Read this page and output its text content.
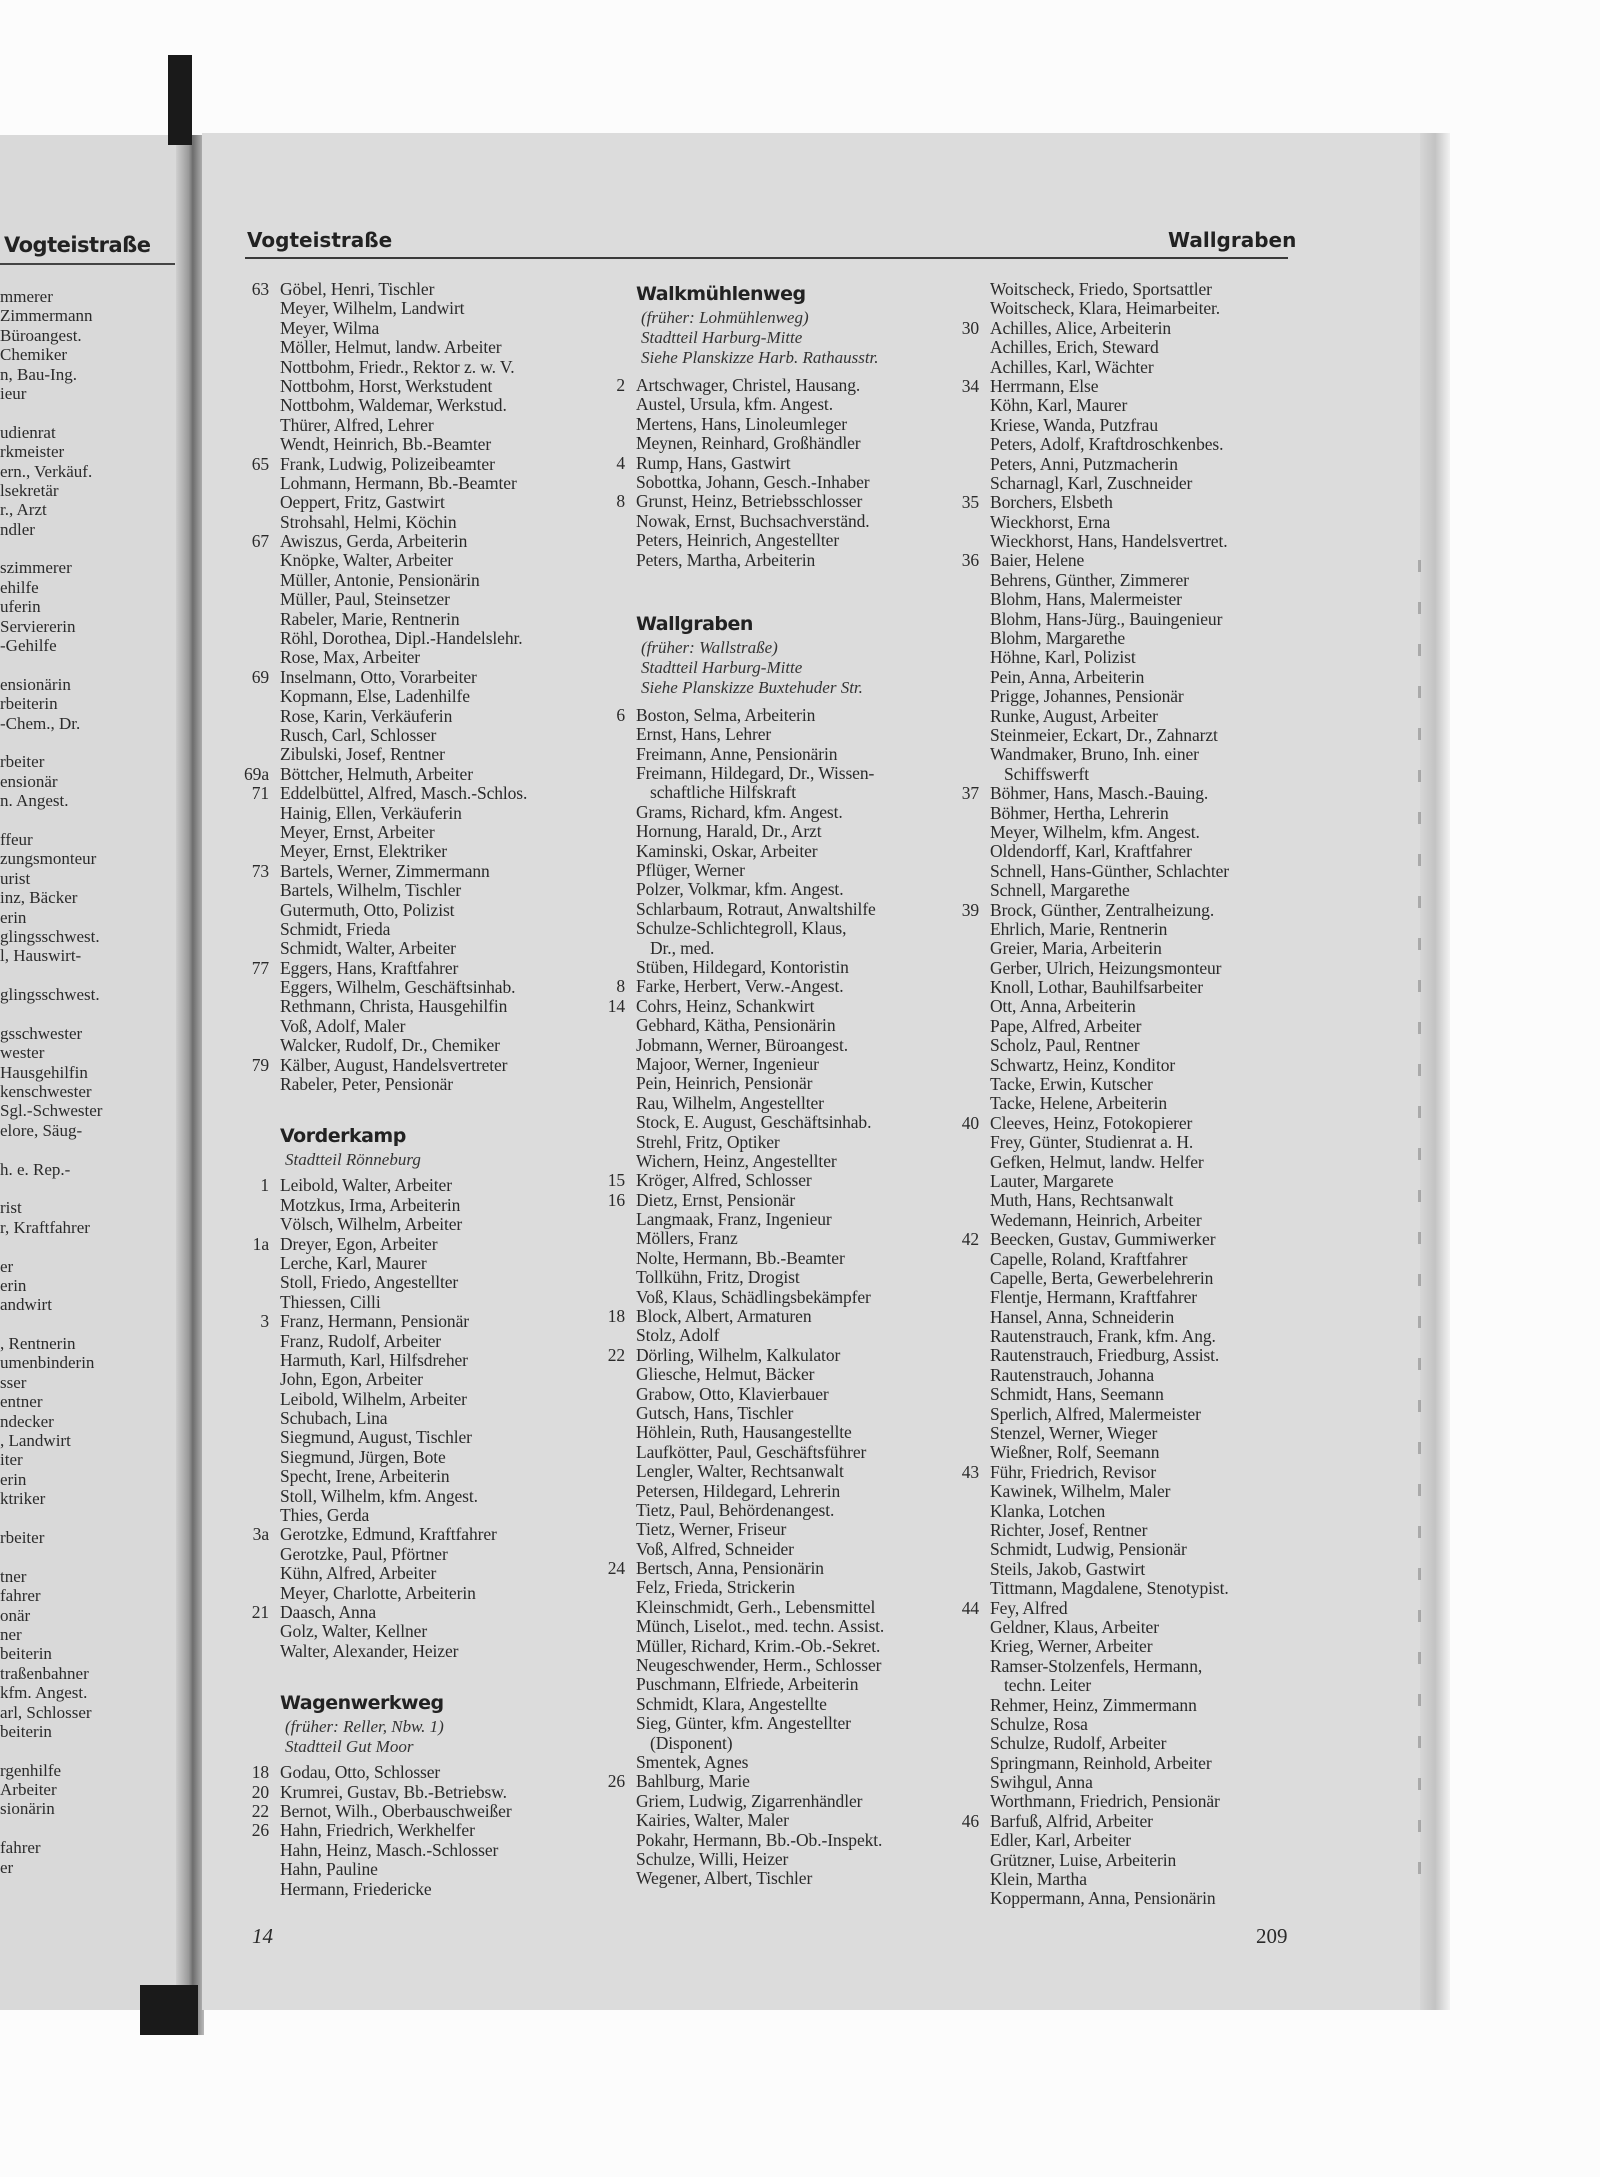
Vogteistraße
mmerer
Zimmermann
Büroangest.
Chemiker
n, Bau-Ing.
ieur
udienrat
rkmeister
ern., Verkäuf.
lsekretär
r., Arzt
ndler
szimmerer
ehilfe
uferin
Serviererin
-Gehilfe
ensionärin
rbeiterin
-Chem., Dr.
rbeiter
ensionär
n. Angest.
ffeur
zungsmonteur
urist
inz, Bäcker
erin
glingsschwest.
l, Hauswirt-
glingsschwest.
gsschwester
wester
Hausgehilfin
kenschwester
Sgl.-Schwester
elore, Säug-
h. e. Rep.-
rist
r, Kraftfahrer
er
erin
andwirt
, Rentnerin
umenbinderin
sser
entner
ndecker
, Landwirt
iter
erin
ktriker
rbeiter
tner
fahrer
onär
ner
beiterin
traßenbahner
kfm. Angest.
arl, Schlosser
beiterin
rgenhilfe
Arbeiter
sionärin
fahrer
er
Vogteistraße	Wallgraben
63 Göbel, Henri, Tischler
Meyer, Wilhelm, Landwirt
Meyer, Wilma
Möller, Helmut, landw. Arbeiter
Nottbohm, Friedr., Rektor z. w. V.
Nottbohm, Horst, Werkstudent
Nottbohm, Waldemar, Werkstud.
Thürer, Alfred, Lehrer
Wendt, Heinrich, Bb.-Beamter
65 Frank, Ludwig, Polizeibeamter
Lohmann, Hermann, Bb.-Beamter
Oeppert, Fritz, Gastwirt
Strohsahl, Helmi, Köchin
67 Awiszus, Gerda, Arbeiterin
Knöpke, Walter, Arbeiter
Müller, Antonie, Pensionärin
Müller, Paul, Steinsetzer
Rabeler, Marie, Rentnerin
Röhl, Dorothea, Dipl.-Handelslehr.
Rose, Max, Arbeiter
69 Inselmann, Otto, Vorarbeiter
Kopmann, Else, Ladenhilfe
Rose, Karin, Verkäuferin
Rusch, Carl, Schlosser
Zibulski, Josef, Rentner
69a Böttcher, Helmuth, Arbeiter
71 Eddelbüttel, Alfred, Masch.-Schlos.
Hainig, Ellen, Verkäuferin
Meyer, Ernst, Arbeiter
Meyer, Ernst, Elektriker
73 Bartels, Werner, Zimmermann
Bartels, Wilhelm, Tischler
Gutermuth, Otto, Polizist
Schmidt, Frieda
Schmidt, Walter, Arbeiter
77 Eggers, Hans, Kraftfahrer
Eggers, Wilhelm, Geschäftsinhab.
Rethmann, Christa, Hausgehilfin
Voß, Adolf, Maler
Walcker, Rudolf, Dr., Chemiker
79 Kälber, August, Handelsvertreter
Rabeler, Peter, Pensionär
Vorderkamp
Stadtteil Rönneburg
1 Leibold, Walter, Arbeiter
Motzkus, Irma, Arbeiterin
Völsch, Wilhelm, Arbeiter
1a Dreyer, Egon, Arbeiter
Lerche, Karl, Maurer
Stoll, Friedo, Angestellter
Thiessen, Cilli
3 Franz, Hermann, Pensionär
Franz, Rudolf, Arbeiter
Harmuth, Karl, Hilfsdreher
John, Egon, Arbeiter
Leibold, Wilhelm, Arbeiter
Schubach, Lina
Siegmund, August, Tischler
Siegmund, Jürgen, Bote
Specht, Irene, Arbeiterin
Stoll, Wilhelm, kfm. Angest.
Thies, Gerda
3a Gerotzke, Edmund, Kraftfahrer
Gerotzke, Paul, Pförtner
Kühn, Alfred, Arbeiter
Meyer, Charlotte, Arbeiterin
21 Daasch, Anna
Golz, Walter, Kellner
Walter, Alexander, Heizer
Wagenwerkweg
(früher: Reller, Nbw. 1)
Stadtteil Gut Moor
18 Godau, Otto, Schlosser
20 Krumrei, Gustav, Bb.-Betriebsw.
22 Bernot, Wilh., Oberbauschweißer
26 Hahn, Friedrich, Werkhelfer
Hahn, Heinz, Masch.-Schlosser
Hahn, Pauline
Hermann, Friedericke
Walkmühlenweg
(früher: Lohmühlenweg)
Stadtteil Harburg-Mitte
Siehe Planskizze Harb. Rathausstr.
2 Artschwager, Christel, Hausang.
Austel, Ursula, kfm. Angest.
Mertens, Hans, Linoleumleger
Meynen, Reinhard, Großhändler
4 Rump, Hans, Gastwirt
Sobottka, Johann, Gesch.-Inhaber
8 Grunst, Heinz, Betriebsschlosser
Nowak, Ernst, Buchsachverständ.
Peters, Heinrich, Angestellter
Peters, Martha, Arbeiterin
Wallgraben
(früher: Wallstraße)
Stadtteil Harburg-Mitte
Siehe Planskizze Buxtehuder Str.
6 Boston, Selma, Arbeiterin
Ernst, Hans, Lehrer
Freimann, Anne, Pensionärin
Freimann, Hildegard, Dr., Wissen-
schaftliche Hilfskraft
Grams, Richard, kfm. Angest.
Hornung, Harald, Dr., Arzt
Kaminski, Oskar, Arbeiter
Pflüger, Werner
Polzer, Volkmar, kfm. Angest.
Schlarbaum, Rotraut, Anwaltshilfe
Schulze-Schlichtegroll, Klaus,
Dr., med.
Stüben, Hildegard, Kontoristin
8 Farke, Herbert, Verw.-Angest.
14 Cohrs, Heinz, Schankwirt
Gebhard, Kätha, Pensionärin
Jobmann, Werner, Büroangest.
Majoor, Werner, Ingenieur
Pein, Heinrich, Pensionär
Rau, Wilhelm, Angestellter
Stock, E. August, Geschäftsinhab.
Strehl, Fritz, Optiker
Wichern, Heinz, Angestellter
15 Kröger, Alfred, Schlosser
16 Dietz, Ernst, Pensionär
Langmaak, Franz, Ingenieur
Möllers, Franz
Nolte, Hermann, Bb.-Beamter
Tollkühn, Fritz, Drogist
Voß, Klaus, Schädlingsbekämpfer
18 Block, Albert, Armaturen
Stolz, Adolf
22 Dörling, Wilhelm, Kalkulator
Gliesche, Helmut, Bäcker
Grabow, Otto, Klavierbauer
Gutsch, Hans, Tischler
Höhlein, Ruth, Hausangestellte
Laufkötter, Paul, Geschäftsführer
Lengler, Walter, Rechtsanwalt
Petersen, Hildegard, Lehrerin
Tietz, Paul, Behördenangest.
Tietz, Werner, Friseur
Voß, Alfred, Schneider
24 Bertsch, Anna, Pensionärin
Felz, Frieda, Strickerin
Kleinschmidt, Gerh., Lebensmittel
Münch, Liselot., med. techn. Assist.
Müller, Richard, Krim.-Ob.-Sekret.
Neugeschwender, Herm., Schlosser
Puschmann, Elfriede, Arbeiterin
Schmidt, Klara, Angestellte
Sieg, Günter, kfm. Angestellter
(Disponent)
Smentek, Agnes
26 Bahlburg, Marie
Griem, Ludwig, Zigarrenhändler
Kairies, Walter, Maler
Pokahr, Hermann, Bb.-Ob.-Inspekt.
Schulze, Willi, Heizer
Wegener, Albert, Tischler
Woitscheck, Friedo, Sportsattler
Woitscheck, Klara, Heimarbeiter.
30 Achilles, Alice, Arbeiterin
Achilles, Erich, Steward
Achilles, Karl, Wächter
34 Herrmann, Else
Köhn, Karl, Maurer
Kriese, Wanda, Putzfrau
Peters, Adolf, Kraftdroschkenbes.
Peters, Anni, Putzmacherin
Scharnagl, Karl, Zuschneider
35 Borchers, Elsbeth
Wieckhorst, Erna
Wieckhorst, Hans, Handelsvertret.
36 Baier, Helene
Behrens, Günther, Zimmerer
Blohm, Hans, Malermeister
Blohm, Hans-Jürg., Bauingenieur
Blohm, Margarethe
Höhne, Karl, Polizist
Pein, Anna, Arbeiterin
Prigge, Johannes, Pensionär
Runke, August, Arbeiter
Steinmeier, Eckart, Dr., Zahnarzt
Wandmaker, Bruno, Inh. einer
Schiffswerft
37 Böhmer, Hans, Masch.-Bauing.
Böhmer, Hertha, Lehrerin
Meyer, Wilhelm, kfm. Angest.
Oldendorff, Karl, Kraftfahrer
Schnell, Hans-Günther, Schlachter
Schnell, Margarethe
39 Brock, Günther, Zentralheizung.
Ehrlich, Marie, Rentnerin
Greier, Maria, Arbeiterin
Gerber, Ulrich, Heizungsmonteur
Knoll, Lothar, Bauhilfsarbeiter
Ott, Anna, Arbeiterin
Pape, Alfred, Arbeiter
Scholz, Paul, Rentner
Schwartz, Heinz, Konditor
Tacke, Erwin, Kutscher
Tacke, Helene, Arbeiterin
40 Cleeves, Heinz, Fotokopierer
Frey, Günter, Studienrat a. H.
Gefken, Helmut, landw. Helfer
Lauter, Margarete
Muth, Hans, Rechtsanwalt
Wedemann, Heinrich, Arbeiter
42 Beecken, Gustav, Gummiwerker
Capelle, Roland, Kraftfahrer
Capelle, Berta, Gewerbelehrerin
Flentje, Hermann, Kraftfahrer
Hansel, Anna, Schneiderin
Rautenstrauch, Frank, kfm. Ang.
Rautenstrauch, Friedburg, Assist.
Rautenstrauch, Johanna
Schmidt, Hans, Seemann
Sperlich, Alfred, Malermeister
Stenzel, Werner, Wieger
Wießner, Rolf, Seemann
43 Führ, Friedrich, Revisor
Kawinek, Wilhelm, Maler
Klanka, Lotchen
Richter, Josef, Rentner
Schmidt, Ludwig, Pensionär
Steils, Jakob, Gastwirt
Tittmann, Magdalene, Stenotypist.
44 Fey, Alfred
Geldner, Klaus, Arbeiter
Krieg, Werner, Arbeiter
Ramser-Stolzenfels, Hermann,
techn. Leiter
Rehmer, Heinz, Zimmermann
Schulze, Rosa
Schulze, Rudolf, Arbeiter
Springmann, Reinhold, Arbeiter
Swihgul, Anna
Worthmann, Friedrich, Pensionär
46 Barfuß, Alfrid, Arbeiter
Edler, Karl, Arbeiter
Grützner, Luise, Arbeiterin
Klein, Martha
Koppermann, Anna, Pensionärin
14	209
